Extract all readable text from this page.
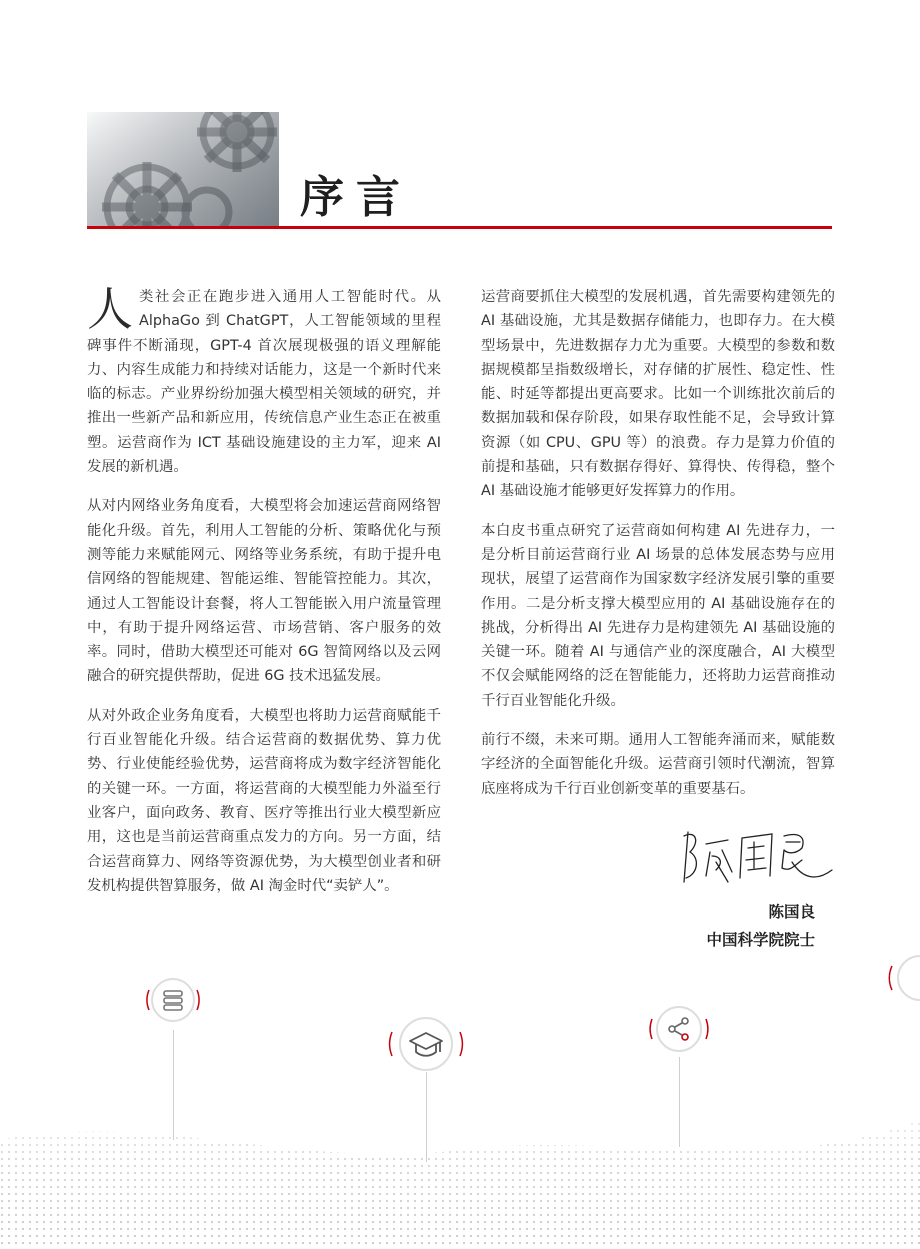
序言

人类社会正在跑步进入通用人工智能时代。从AlphaGo 到 ChatGPT，人工智能领域的里程碑事件不断涌现，GPT-4 首次展现极强的语义理解能力、内容生成能力和持续对话能力，这是一个新时代来临的标志。产业界纷纷加强大模型相关领域的研究，并推出一些新产品和新应用，传统信息产业生态正在被重塑。运营商作为 ICT 基础设施建设的主力军，迎来 AI 发展的新机遇。

从对内网络业务角度看，大模型将会加速运营商网络智能化升级。首先，利用人工智能的分析、策略优化与预测等能力来赋能网元、网络等业务系统，有助于提升电信网络的智能规建、智能运维、智能管控能力。其次，通过人工智能设计套餐，将人工智能嵌入用户流量管理中，有助于提升网络运营、市场营销、客户服务的效率。同时，借助大模型还可能对 6G 智简网络以及云网融合的研究提供帮助，促进 6G 技术迅猛发展。

从对外政企业务角度看，大模型也将助力运营商赋能千行百业智能化升级。结合运营商的数据优势、算力优势、行业使能经验优势，运营商将成为数字经济智能化的关键一环。一方面，将运营商的大模型能力外溢至行业客户，面向政务、教育、医疗等推出行业大模型新应用，这也是当前运营商重点发力的方向。另一方面，结合运营商算力、网络等资源优势，为大模型创业者和研发机构提供智算服务，做 AI 淘金时代“卖铲人”。

运营商要抓住大模型的发展机遇，首先需要构建领先的 AI 基础设施，尤其是数据存储能力，也即存力。在大模型场景中，先进数据存力尤为重要。大模型的参数和数据规模都呈指数级增长，对存储的扩展性、稳定性、性能、时延等都提出更高要求。比如一个训练批次前后的数据加载和保存阶段，如果存取性能不足，会导致计算资源（如 CPU、GPU 等）的浪费。存力是算力价值的前提和基础，只有数据存得好、算得快、传得稳，整个 AI 基础设施才能够更好发挥算力的作用。

本白皮书重点研究了运营商如何构建 AI 先进存力，一是分析目前运营商行业 AI 场景的总体发展态势与应用现状，展望了运营商作为国家数字经济发展引擎的重要作用。二是分析支撑大模型应用的 AI 基础设施存在的挑战，分析得出 AI 先进存力是构建领先 AI 基础设施的关键一环。随着 AI 与通信产业的深度融合，AI 大模型不仅会赋能网络的泛在智能能力，还将助力运营商推动千行百业智能化升级。

前行不缀，未来可期。通用人工智能奔涌而来，赋能数字经济的全面智能化升级。运营商引领时代潮流，智算底座将成为千行百业创新变革的重要基石。

陈国良
中国科学院院士
